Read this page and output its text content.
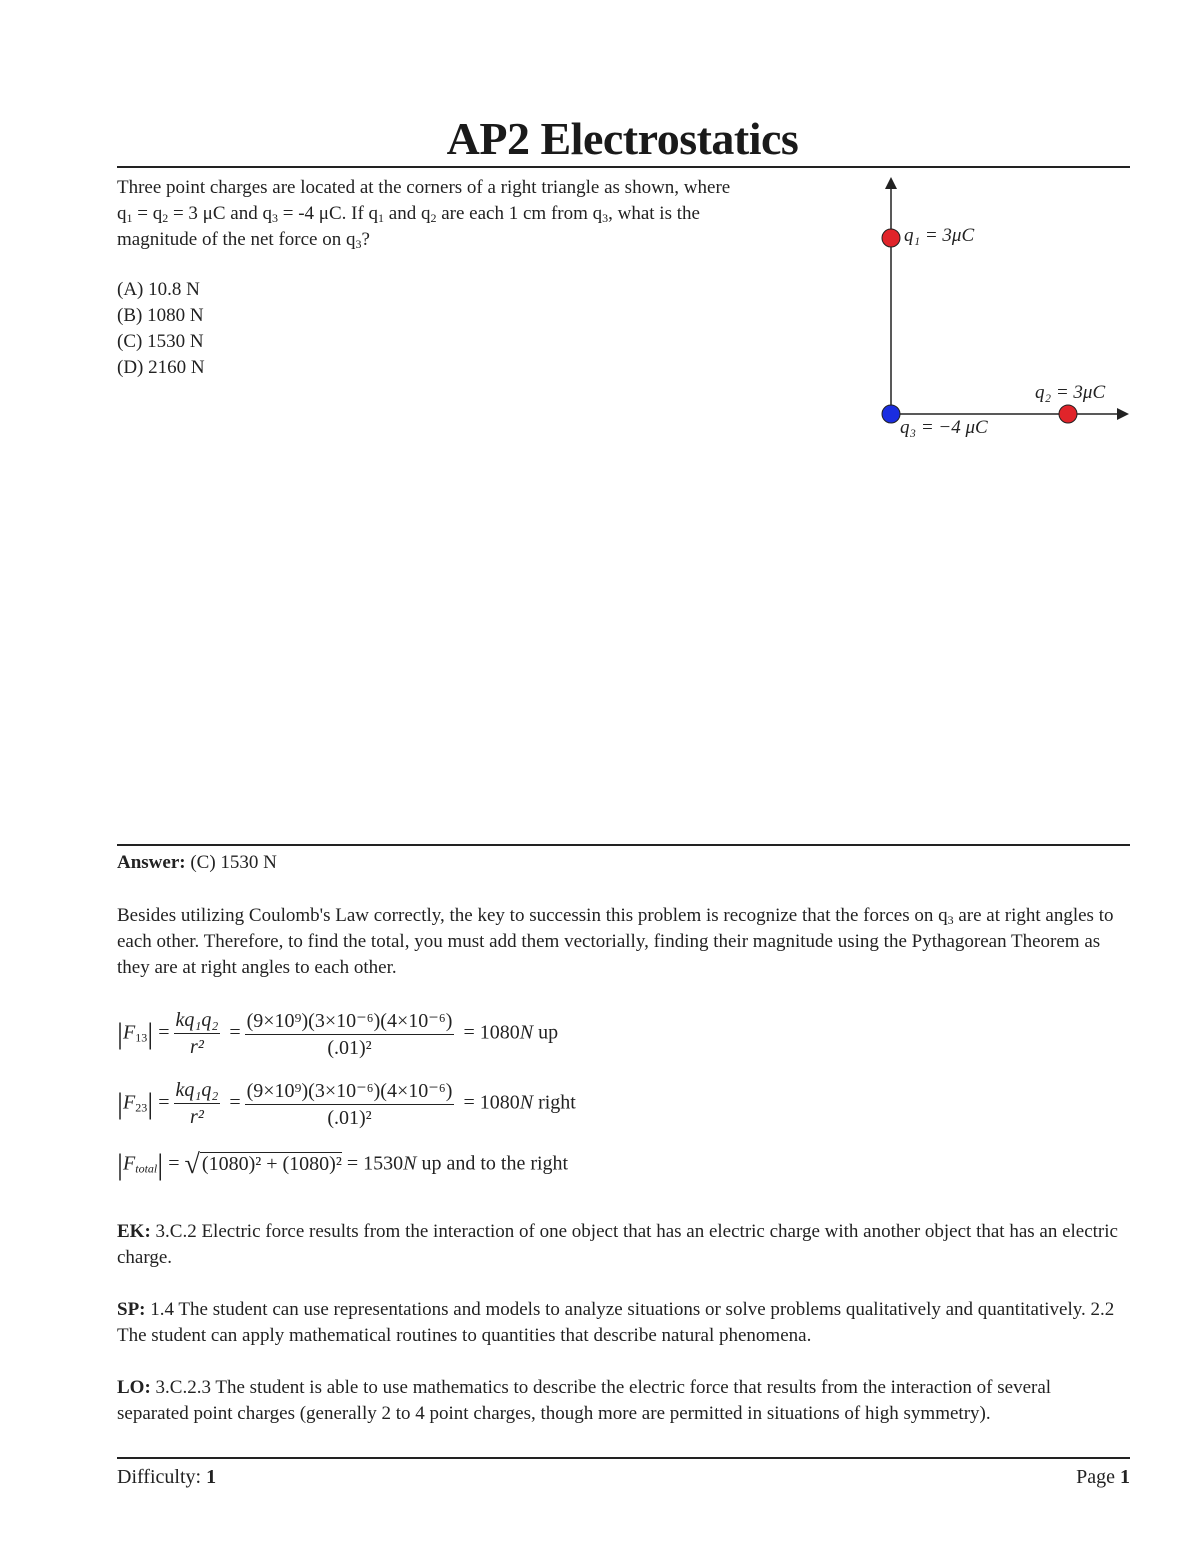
AP2 Electrostatics
Three point charges are located at the corners of a right triangle as shown, where
$q_1 = q_2 = 3$ μC and $q_3 = -4$ μC. If $q_1$ and $q_2$ are each 1 cm from $q_3$, what is the
magnitude of the net force on $q_3$?
(A) 10.8 N
(B) 1080 N
(C) 1530 N
(D) 2160 N
q₁ = 3μC
q₂ = 3μC
q₃ = −4 μC
Answer: (C) 1530 N
Besides utilizing Coulomb's Law correctly, the key to successin this problem is recognize that the forces on $q_3$ are at right angles to each other. Therefore, to find the total, you must add them vectorially, finding their magnitude using the Pythagorean Theorem as they are at right angles to each other.
$|F_{13}| = \frac{\text{kq₁q₂}}{\text{r²}} = \frac{\text{(9×10⁹)(3×10⁻⁶)(4×10⁻⁶)}}{\text{(.01)²}} = 1080N$ up
$|F_{23}| = \frac{\text{kq₁q₂}}{\text{r²}} = \frac{\text{(9×10⁹)(3×10⁻⁶)(4×10⁻⁶)}}{\text{(.01)²}} = 1080N$ right
$|F_{total}|$ = √ (1080)² + (1080)² = 1530N up and to the right
EK: 3.C.2 Electric force results from the interaction of one object that has an electric charge with another object that has an electric charge.
SP: 1.4 The student can use representations and models to analyze situations or solve problems qualitatively and quantitatively. 2.2 The student can apply mathematical routines to quantities that describe natural phenomena.
LO: 3.C.2.3 The student is able to use mathematics to describe the electric force that results from the interaction of several separated point charges (generally 2 to 4 point charges, though more are permitted in situations of high symmetry).
Difficulty: 1	Page 1
